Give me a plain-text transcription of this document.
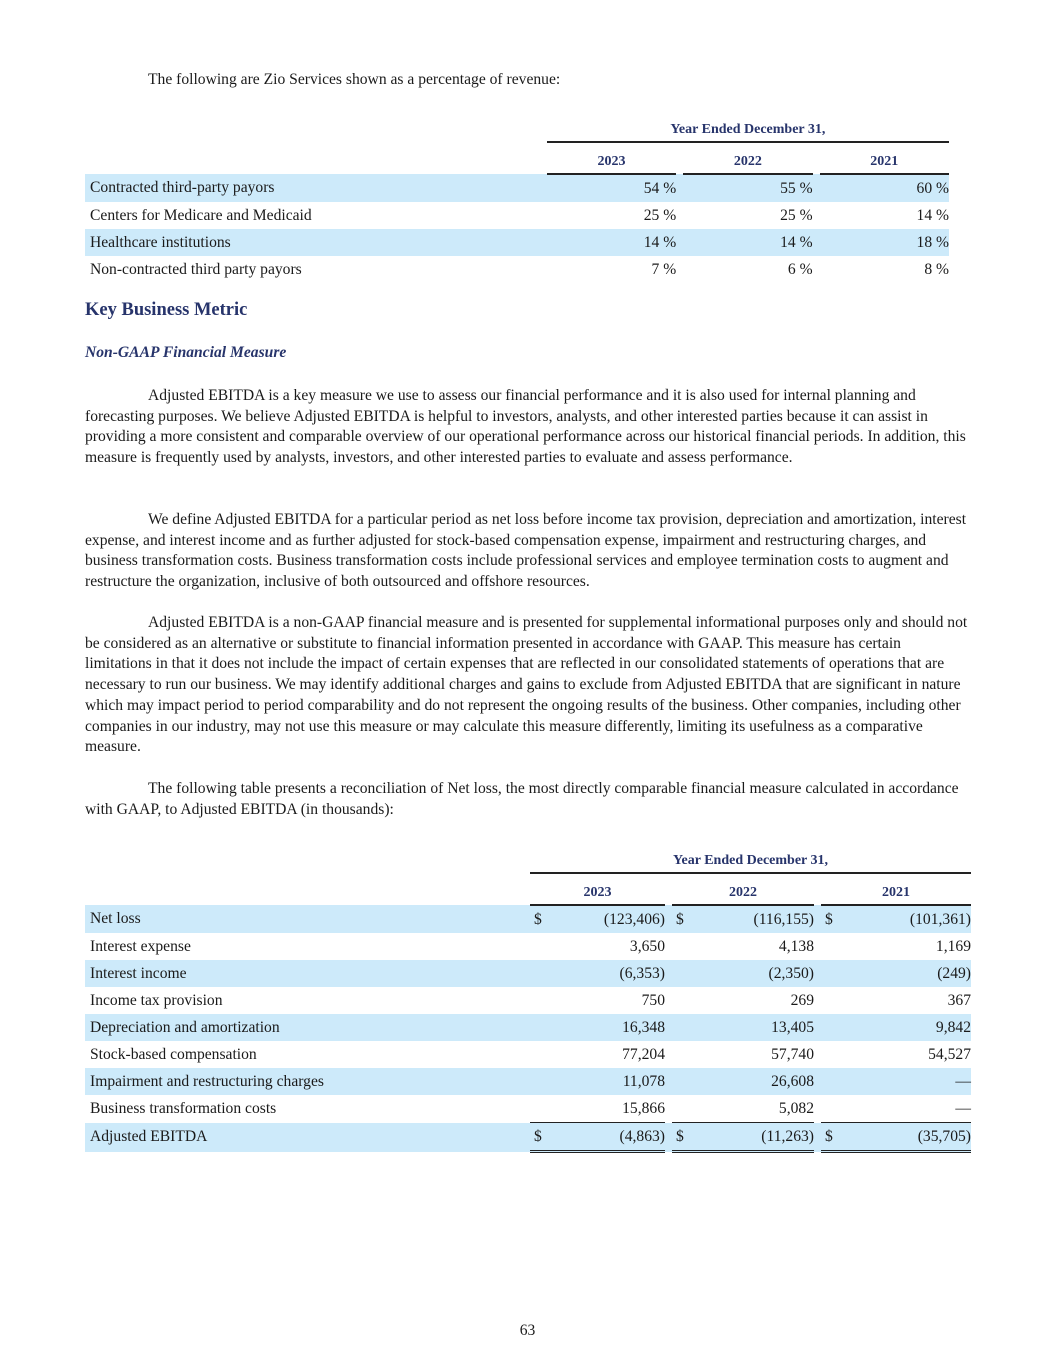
The following are Zio Services shown as a percentage of revenue:
	Year Ended December 31,				
	2023		2022		2021
Contracted third-party payors	54 %		55 %		60 %
Centers for Medicare and Medicaid	25 %		25 %		14 %
Healthcare institutions	14 %		14 %		18 %
Non-contracted third party payors	7 %		6 %		8 %
Key Business Metric
Non-GAAP Financial Measure

Adjusted EBITDA is a key measure we use to assess our financial performance and it is also used for internal planning and forecasting purposes. We believe Adjusted EBITDA is helpful to investors, analysts, and other interested parties because it can assist in providing a more consistent and comparable overview of our operational performance across our historical financial periods. In addition, this measure is frequently used by analysts, investors, and other interested parties to evaluate and assess performance.

We define Adjusted EBITDA for a particular period as net loss before income tax provision, depreciation and amortization, interest expense, and interest income and as further adjusted for stock-based compensation expense, impairment and restructuring charges, and business transformation costs. Business transformation costs include professional services and employee termination costs to augment and restructure the organization, inclusive of both outsourced and offshore resources.

Adjusted EBITDA is a non-GAAP financial measure and is presented for supplemental informational purposes only and should not be considered as an alternative or substitute to financial information presented in accordance with GAAP. This measure has certain limitations in that it does not include the impact of certain expenses that are reflected in our consolidated statements of operations that are necessary to run our business. We may identify additional charges and gains to exclude from Adjusted EBITDA that are significant in nature which may impact period to period comparability and do not represent the ongoing results of the business. Other companies, including other companies in our industry, may not use this measure or may calculate this measure differently, limiting its usefulness as a comparative measure.

The following table presents a reconciliation of Net loss, the most directly comparable financial measure calculated in accordance with GAAP, to Adjusted EBITDA (in thousands):

	Year Ended December 31,							
	2023			2022			2021	
Net loss	$	(123,406)		$	(116,155)		$	(101,361)
Interest expense		3,650			4,138			1,169
Interest income		(6,353)			(2,350)			(249)
Income tax provision		750			269			367
Depreciation and amortization		16,348			13,405			9,842
Stock-based compensation		77,204			57,740			54,527
Impairment and restructuring charges		11,078			26,608			—
Business transformation costs		15,866			5,082			—
Adjusted EBITDA	$	(4,863)		$	(11,263)		$	(35,705)
63
